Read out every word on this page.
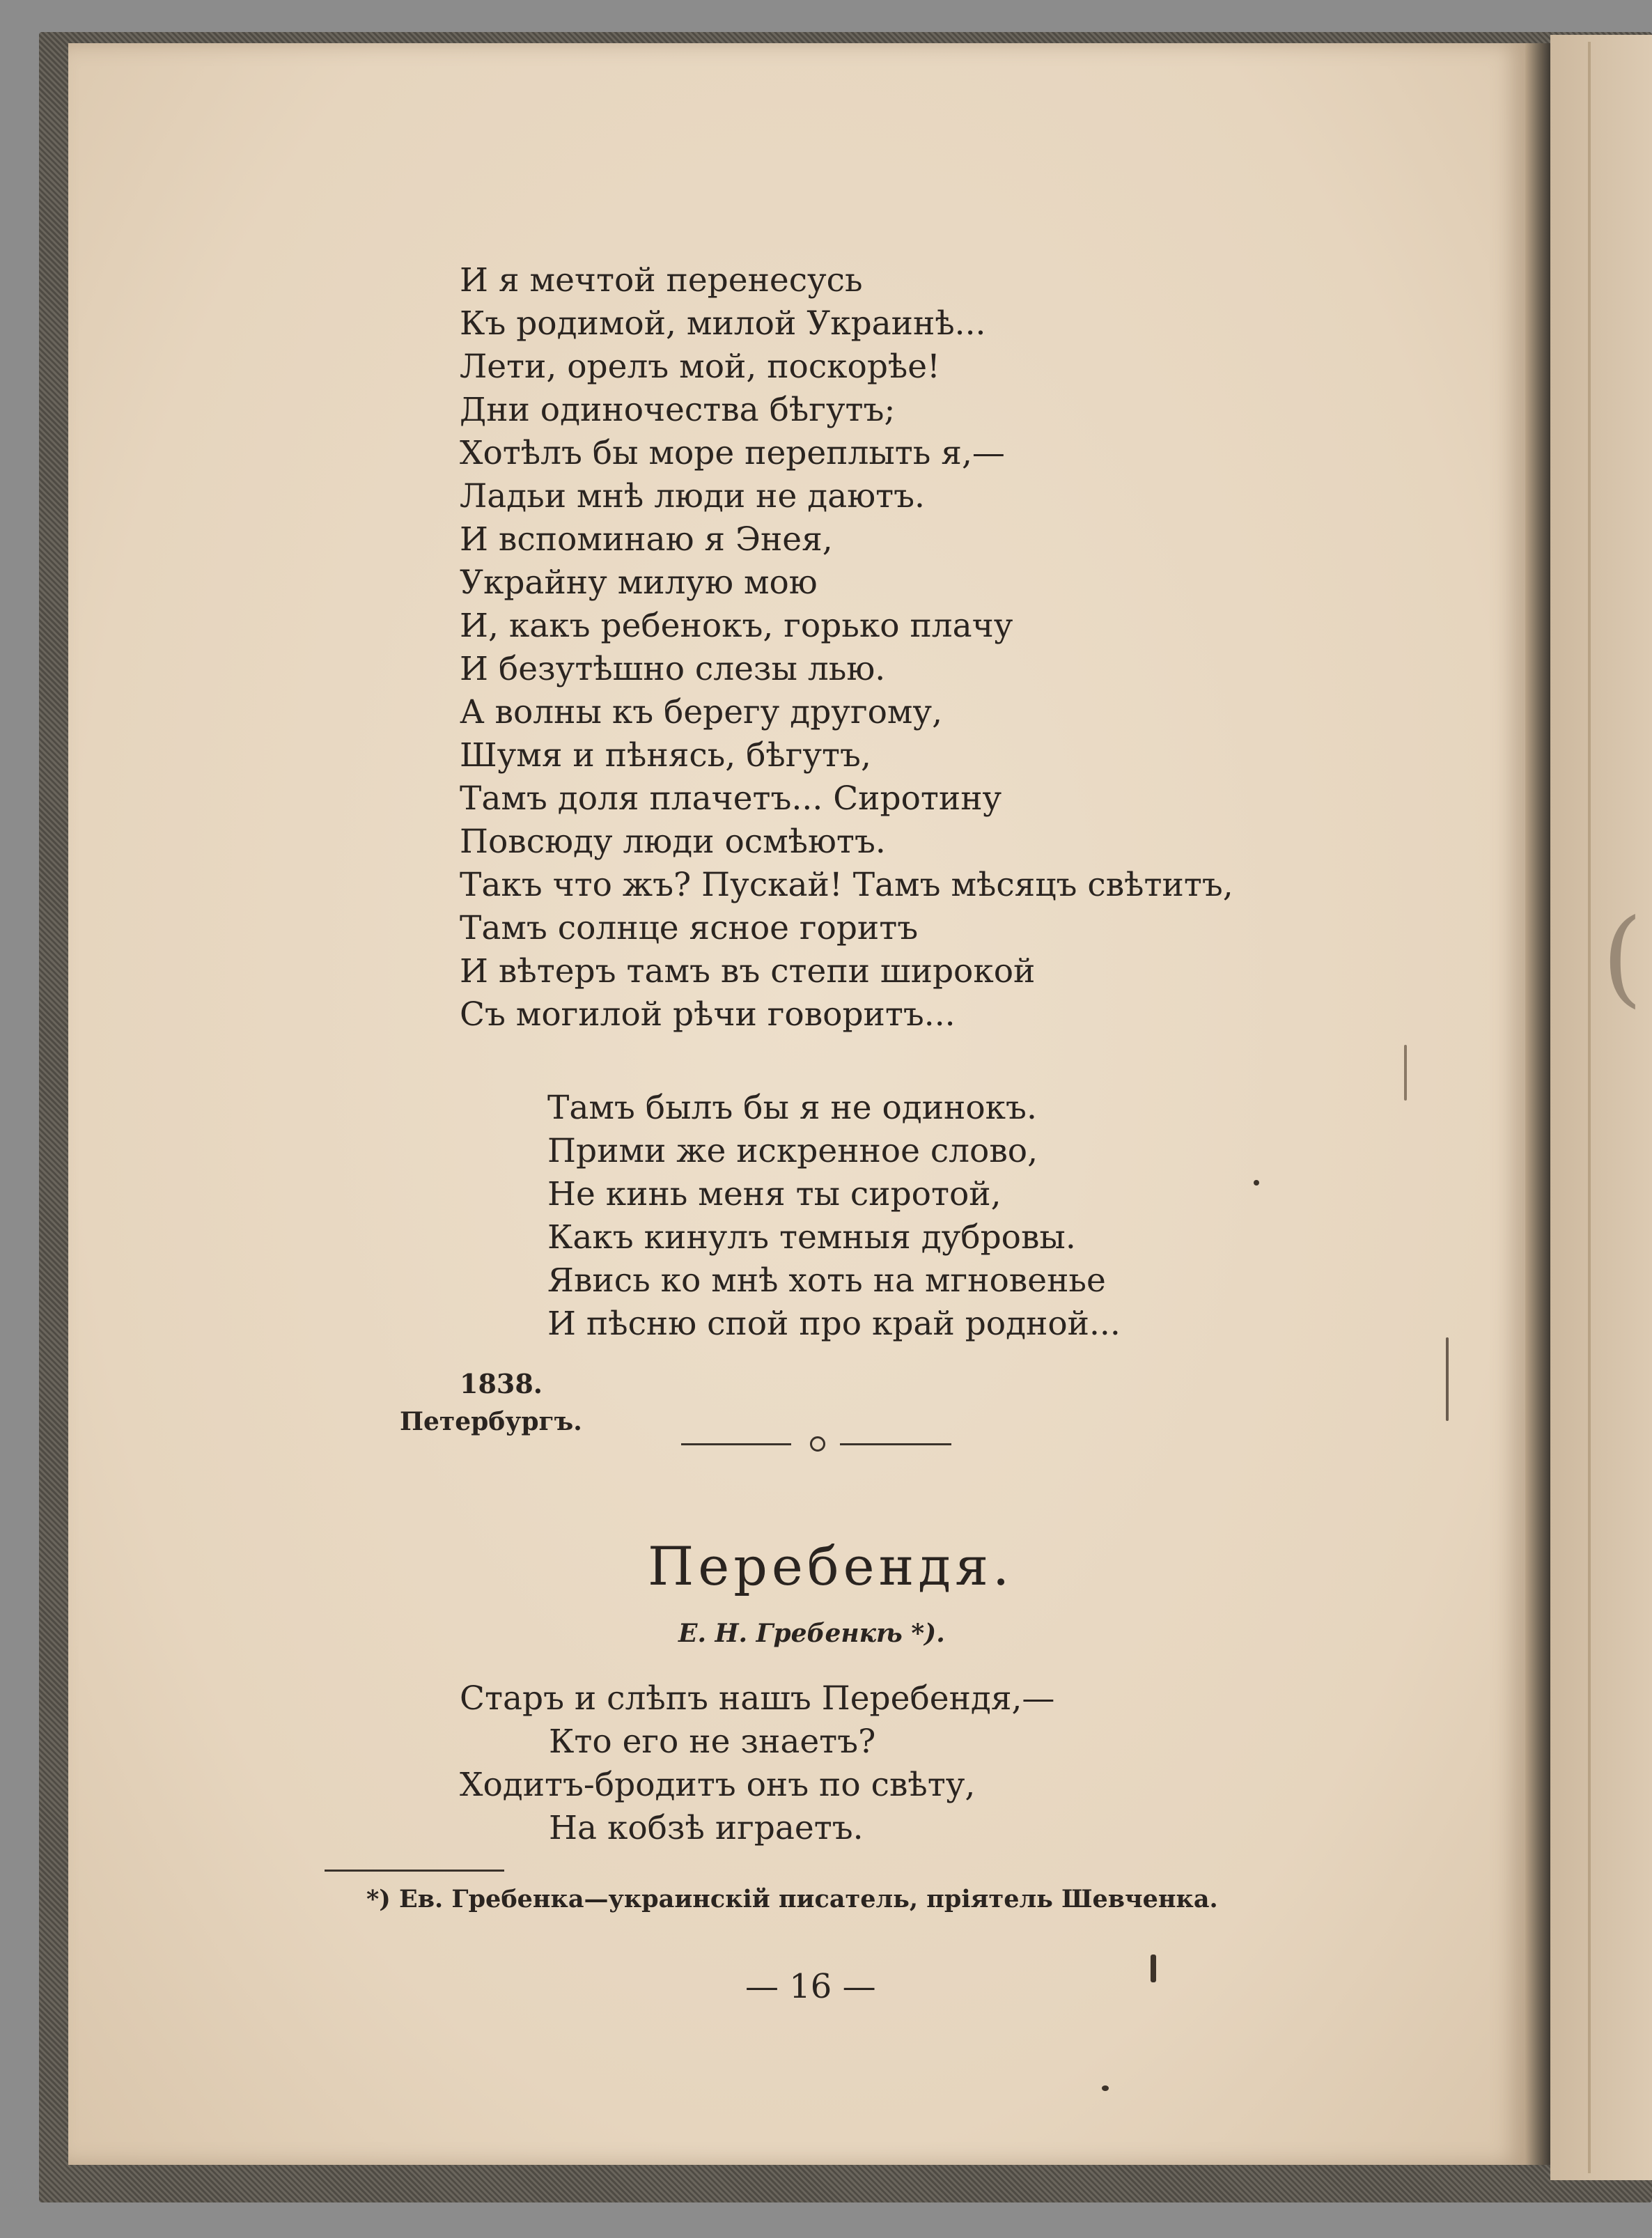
(
И я мечтой перенесусь
Къ родимой, милой Украинѣ...
Лети, орелъ мой, поскорѣе!
Дни одиночества бѣгутъ;
Хотѣлъ бы море переплыть я,—
Ладьи мнѣ люди не даютъ.
И вспоминаю я Энея,
Украйну милую мою
И, какъ ребенокъ, горько плачу
И безутѣшно слезы лью.
А волны къ берегу другому,
Шумя и пѣнясь, бѣгутъ,
Тамъ доля плачетъ... Сиротину
Повсюду люди осмѣютъ.
Такъ что жъ? Пускай! Тамъ мѣсяцъ свѣтитъ,
Тамъ солнце ясное горитъ
И вѣтеръ тамъ въ степи широкой
Съ могилой рѣчи говоритъ...
Тамъ былъ бы я не одинокъ.
Прими же искренное слово,
Не кинь меня ты сиротой,
Какъ кинулъ темныя дубровы.
Явись ко мнѣ хоть на мгновенье
И пѣсню спой про край родной...
1838.
Петербургъ.
Перебендя.
Е. Н. Гребенкѣ *).
Старъ и слѣпъ нашъ Перебендя,—
Кто его не знаетъ?
Ходитъ-бродитъ онъ по свѣту,
На кобзѣ играетъ.
*) Ев. Гребенка—украинскій писатель, пріятель Шевченка.
— 16 —
